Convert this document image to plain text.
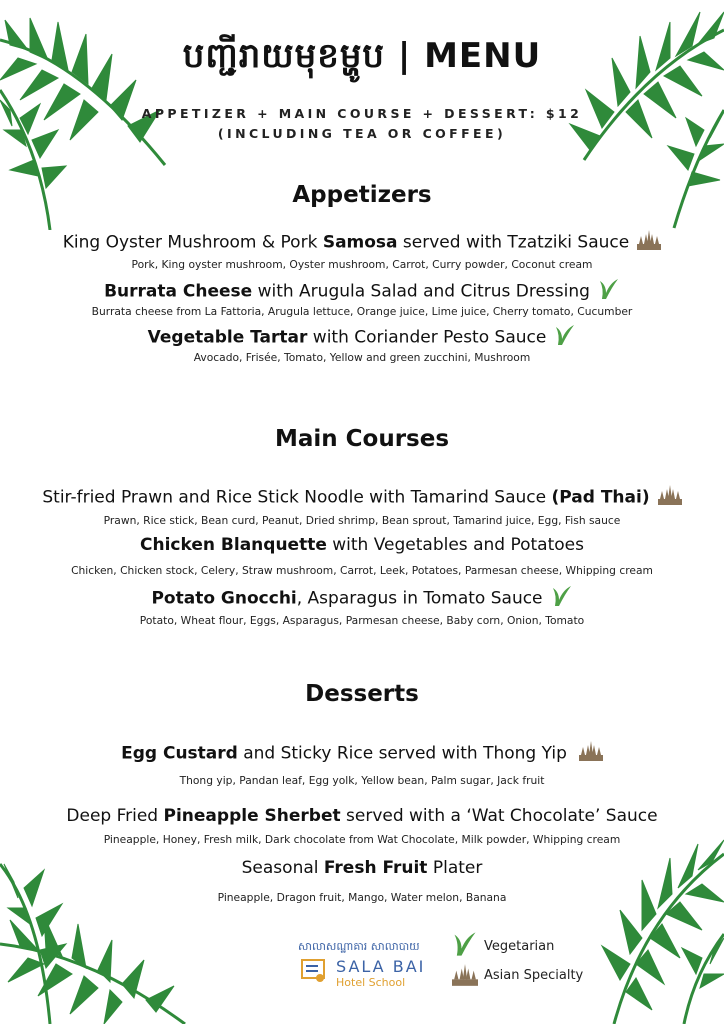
បញ្ជីរាយមុខម្ហូប | MENU
APPETIZER + MAIN COURSE + DESSERT: $12
(INCLUDING TEA OR COFFEE)
Appetizers
King Oyster Mushroom & Pork Samosa served with Tzatziki Sauce
Pork, King oyster mushroom, Oyster mushroom, Carrot, Curry powder, Coconut cream
Burrata Cheese with Arugula Salad and Citrus Dressing
Burrata cheese from La Fattoria, Arugula lettuce, Orange juice, Lime juice, Cherry tomato, Cucumber
Vegetable Tartar with Coriander Pesto Sauce
Avocado, Frisée, Tomato, Yellow and green zucchini, Mushroom
Main Courses
Stir-fried Prawn and Rice Stick Noodle with Tamarind Sauce (Pad Thai)
Prawn, Rice stick, Bean curd, Peanut, Dried shrimp, Bean sprout, Tamarind juice, Egg, Fish sauce
Chicken Blanquette with Vegetables and Potatoes
Chicken, Chicken stock, Celery, Straw mushroom, Carrot, Leek, Potatoes, Parmesan cheese, Whipping cream
Potato Gnocchi, Asparagus in Tomato Sauce
Potato, Wheat flour, Eggs, Asparagus, Parmesan cheese, Baby corn, Onion, Tomato
Desserts
Egg Custard and Sticky Rice served with Thong Yip
Thong yip, Pandan leaf, Egg yolk, Yellow bean, Palm sugar, Jack fruit
Deep Fried Pineapple Sherbet served with a ‘Wat Chocolate’ Sauce
Pineapple, Honey, Fresh milk, Dark chocolate from Wat Chocolate, Milk powder, Whipping cream
Seasonal Fresh Fruit Plater
Pineapple, Dragon fruit, Mango, Water melon, Banana
សាលាសណ្ឋាគារ សាលាបាយ
SALA BAI
Hotel School
Vegetarian
Asian Specialty
